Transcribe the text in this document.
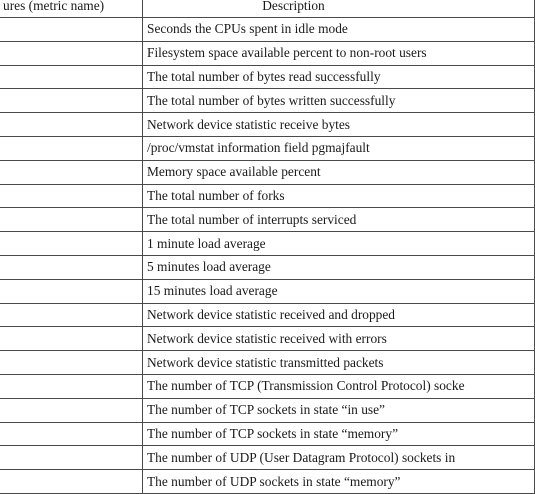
ures (metric name)	Description
	Seconds the CPUs spent in idle mode
	Filesystem space available percent to non-root users
	The total number of bytes read successfully
	The total number of bytes written successfully
	Network device statistic receive bytes
	/proc/vmstat information field pgmajfault
	Memory space available percent
	The total number of forks
	The total number of interrupts serviced
	1 minute load average
	5 minutes load average
	15 minutes load average
	Network device statistic received and dropped
	Network device statistic received with errors
	Network device statistic transmitted packets
	The number of TCP (Transmission Control Protocol) socke
	The number of TCP sockets in state “in use”
	The number of TCP sockets in state “memory”
	The number of UDP (User Datagram Protocol) sockets in
	The number of UDP sockets in state “memory”
